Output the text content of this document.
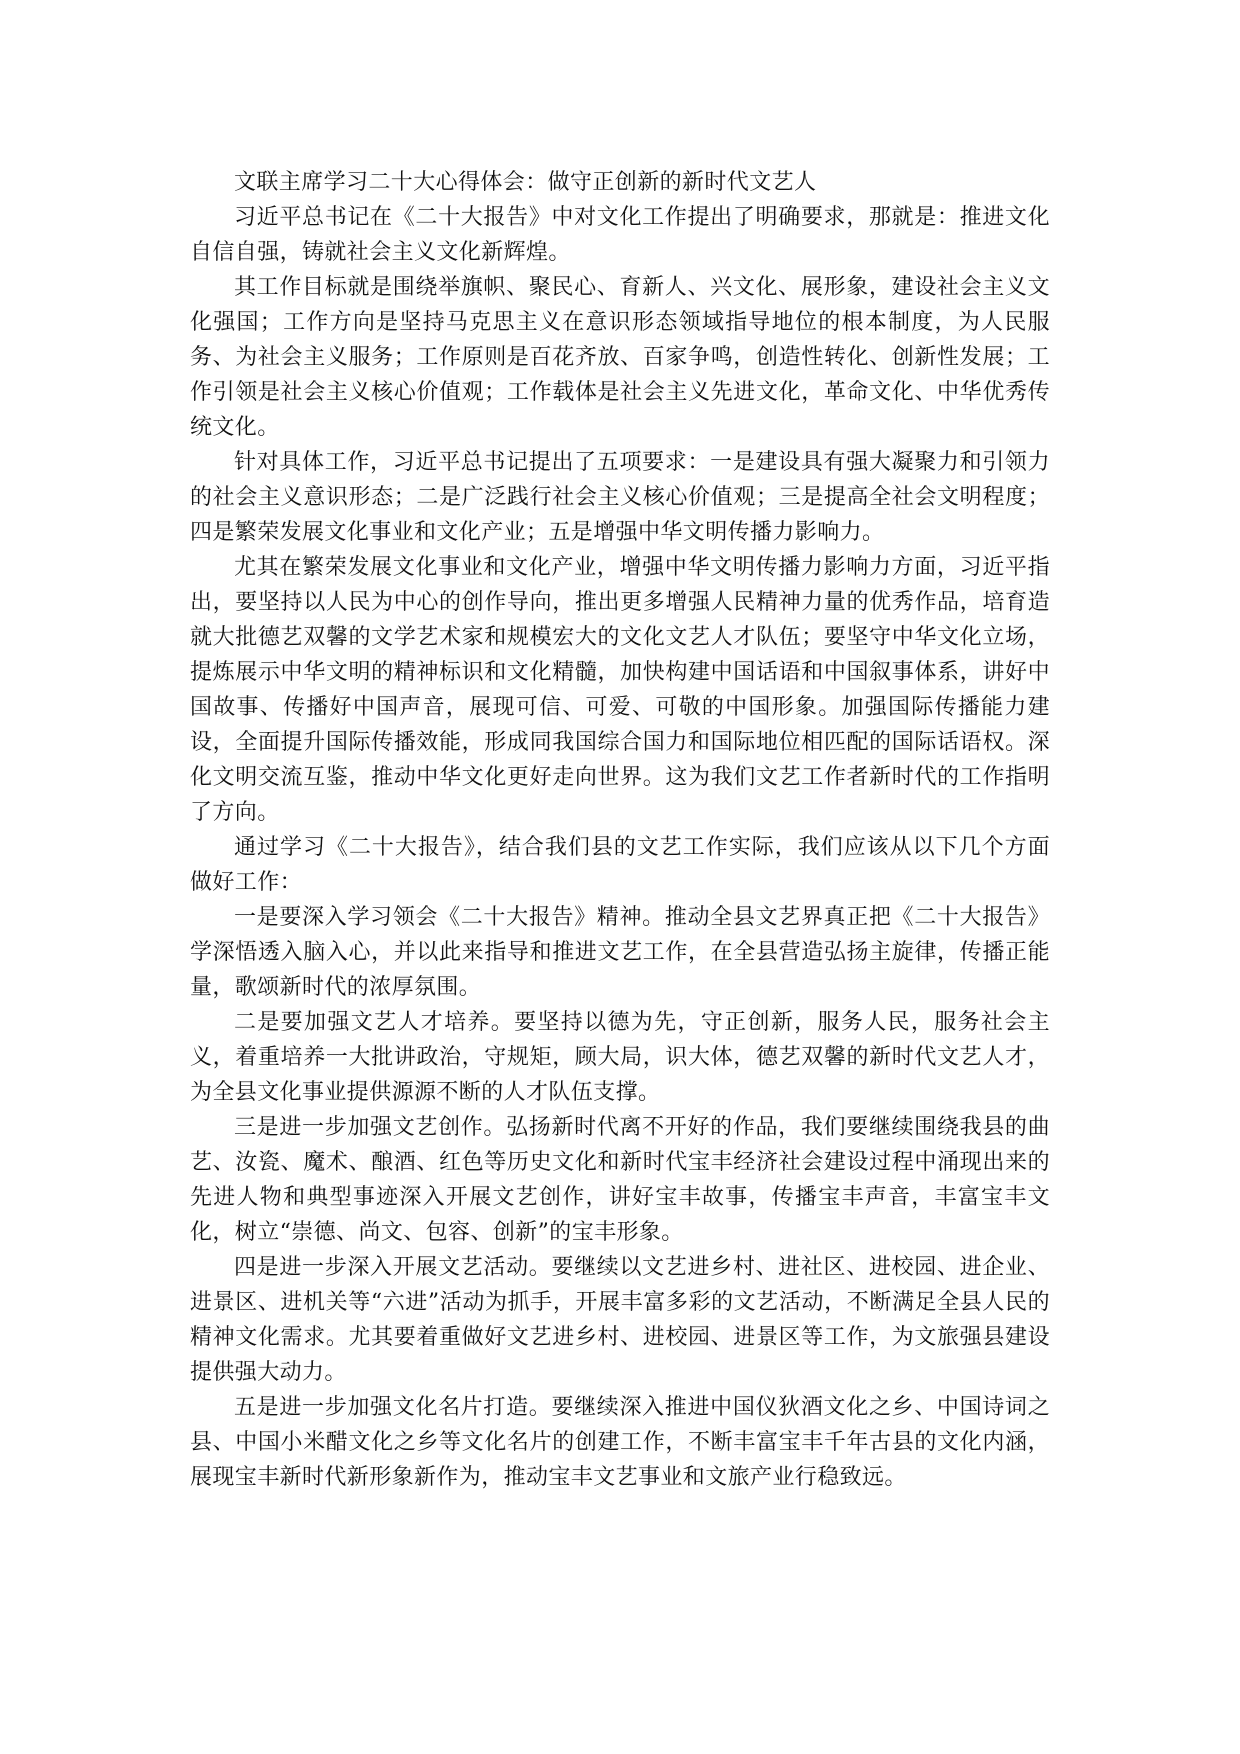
文联主席学习二十大心得体会：做守正创新的新时代文艺人

习近平总书记在《二十大报告》中对文化工作提出了明确要求，那就是：推进文化自信自强，铸就社会主义文化新辉煌。

其工作目标就是围绕举旗帜、聚民心、育新人、兴文化、展形象，建设社会主义文化强国；工作方向是坚持马克思主义在意识形态领域指导地位的根本制度，为人民服务、为社会主义服务；工作原则是百花齐放、百家争鸣，创造性转化、创新性发展；工作引领是社会主义核心价值观；工作载体是社会主义先进文化，革命文化、中华优秀传统文化。

针对具体工作，习近平总书记提出了五项要求：一是建设具有强大凝聚力和引领力的社会主义意识形态；二是广泛践行社会主义核心价值观；三是提高全社会文明程度；四是繁荣发展文化事业和文化产业；五是增强中华文明传播力影响力。

尤其在繁荣发展文化事业和文化产业，增强中华文明传播力影响力方面，习近平指出，要坚持以人民为中心的创作导向，推出更多增强人民精神力量的优秀作品，培育造就大批德艺双馨的文学艺术家和规模宏大的文化文艺人才队伍；要坚守中华文化立场，提炼展示中华文明的精神标识和文化精髓，加快构建中国话语和中国叙事体系，讲好中国故事、传播好中国声音，展现可信、可爱、可敬的中国形象。加强国际传播能力建设，全面提升国际传播效能，形成同我国综合国力和国际地位相匹配的国际话语权。深化文明交流互鉴，推动中华文化更好走向世界。这为我们文艺工作者新时代的工作指明了方向。

通过学习《二十大报告》，结合我们县的文艺工作实际，我们应该从以下几个方面做好工作：

一是要深入学习领会《二十大报告》精神。推动全县文艺界真正把《二十大报告》学深悟透入脑入心，并以此来指导和推进文艺工作，在全县营造弘扬主旋律，传播正能量，歌颂新时代的浓厚氛围。

二是要加强文艺人才培养。要坚持以德为先，守正创新，服务人民，服务社会主义，着重培养一大批讲政治，守规矩，顾大局，识大体，德艺双馨的新时代文艺人才，为全县文化事业提供源源不断的人才队伍支撑。

三是进一步加强文艺创作。弘扬新时代离不开好的作品，我们要继续围绕我县的曲艺、汝瓷、魔术、酿酒、红色等历史文化和新时代宝丰经济社会建设过程中涌现出来的先进人物和典型事迹深入开展文艺创作，讲好宝丰故事，传播宝丰声音，丰富宝丰文化，树立“崇德、尚文、包容、创新”的宝丰形象。

四是进一步深入开展文艺活动。要继续以文艺进乡村、进社区、进校园、进企业、进景区、进机关等“六进”活动为抓手，开展丰富多彩的文艺活动，不断满足全县人民的精神文化需求。尤其要着重做好文艺进乡村、进校园、进景区等工作，为文旅强县建设提供强大动力。

五是进一步加强文化名片打造。要继续深入推进中国仪狄酒文化之乡、中国诗词之县、中国小米醋文化之乡等文化名片的创建工作，不断丰富宝丰千年古县的文化内涵，展现宝丰新时代新形象新作为，推动宝丰文艺事业和文旅产业行稳致远。
